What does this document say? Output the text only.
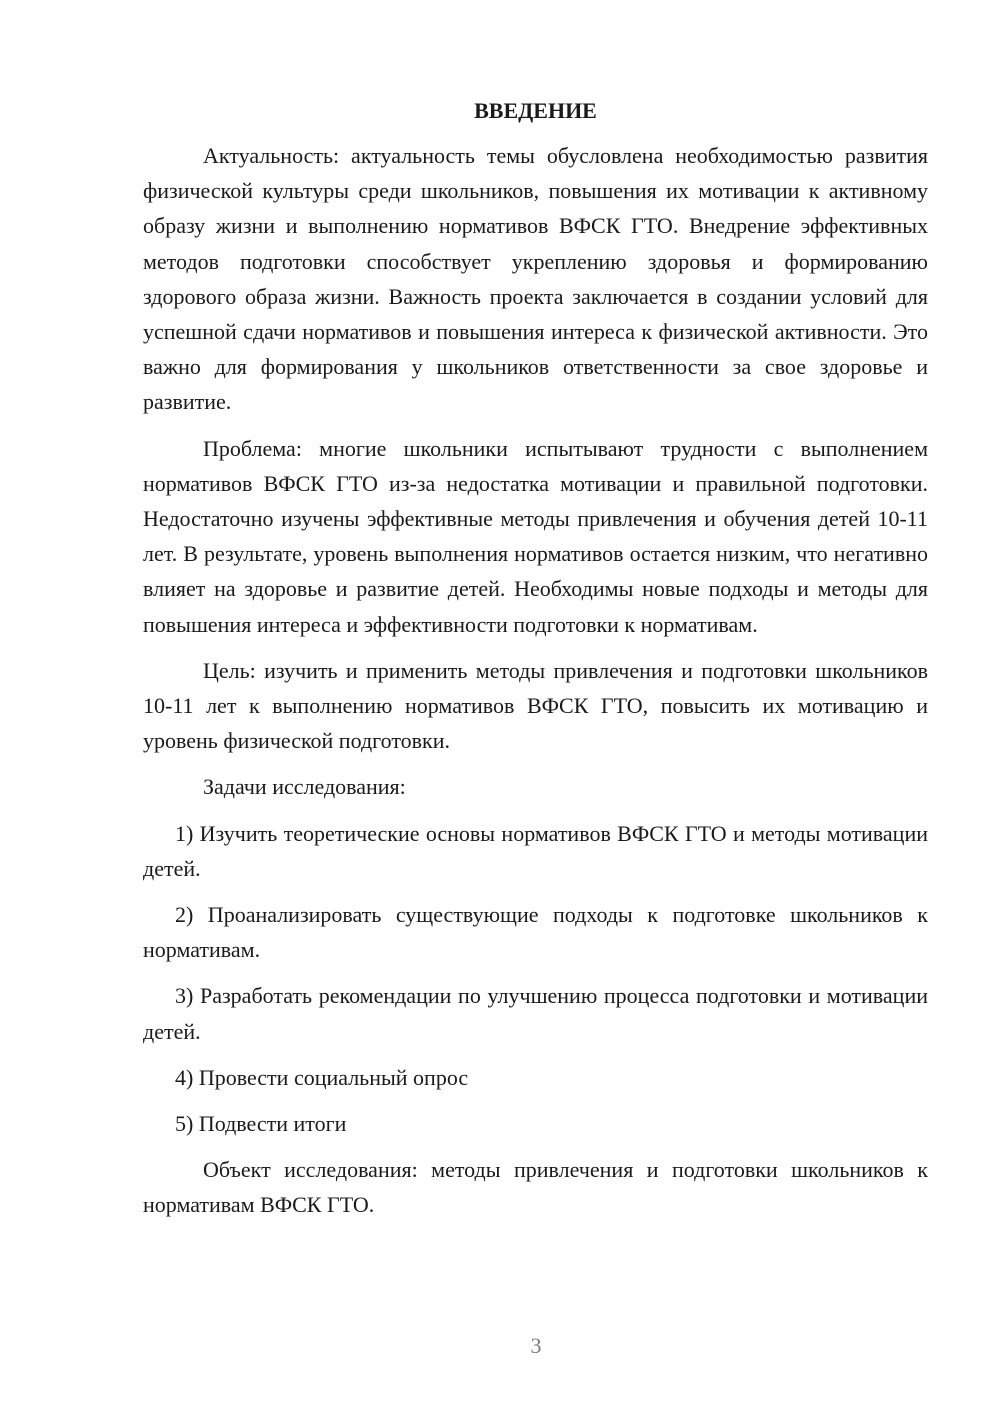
ВВЕДЕНИЕ

Актуальность: актуальность темы обусловлена необходимостью развития физической культуры среди школьников, повышения их мотивации к активному образу жизни и выполнению нормативов ВФСК ГТО. Внедрение эффективных методов подготовки способствует укреплению здоровья и формированию здорового образа жизни. Важность проекта заключается в создании условий для успешной сдачи нормативов и повышения интереса к физической активности. Это важно для формирования у школьников ответственности за свое здоровье и развитие.

Проблема: многие школьники испытывают трудности с выполнением нормативов ВФСК ГТО из-за недостатка мотивации и правильной подготовки. Недостаточно изучены эффективные методы привлечения и обучения детей 10-11 лет. В результате, уровень выполнения нормативов остается низким, что негативно влияет на здоровье и развитие детей. Необходимы новые подходы и методы для повышения интереса и эффективности подготовки к нормативам.

Цель: изучить и применить методы привлечения и подготовки школьников 10-11 лет к выполнению нормативов ВФСК ГТО, повысить их мотивацию и уровень физической подготовки.

Задачи исследования:

1) Изучить теоретические основы нормативов ВФСК ГТО и методы мотивации детей.

2) Проанализировать существующие подходы к подготовке школьников к нормативам.

3) Разработать рекомендации по улучшению процесса подготовки и мотивации детей.

4) Провести социальный опрос

5) Подвести итоги

Объект исследования: методы привлечения и подготовки школьников к нормативам ВФСК ГТО.

3
